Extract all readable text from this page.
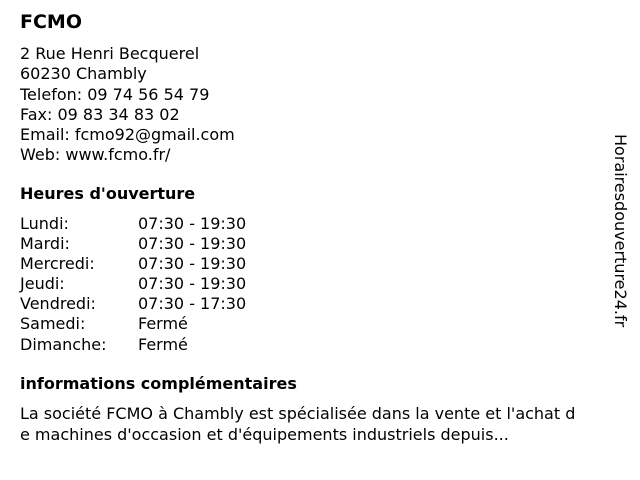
FCMO
2 Rue Henri Becquerel
60230 Chambly
Telefon: 09 74 56 54 79
Fax: 09 83 34 83 02
Email: fcmo92@gmail.com
Web: www.fcmo.fr/
Heures d'ouverture
Lundi:	07:30 - 19:30
Mardi:	07:30 - 19:30
Mercredi:	07:30 - 19:30
Jeudi:	07:30 - 19:30
Vendredi:	07:30 - 17:30
Samedi:	Fermé
Dimanche:	Fermé
informations complémentaires
La société FCMO à Chambly est spécialisée dans la vente et l'achat de machines d'occasion et d'équipements industriels depuis...
Horairesdouverture24.fr
